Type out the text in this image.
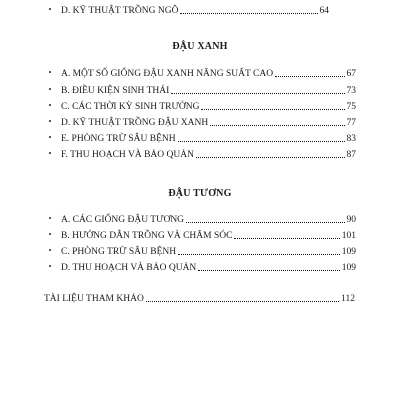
• D. KỸ THUẬT TRỒNG NGÔ	64
ĐẬU XANH
• A. MỘT SỐ GIỐNG ĐẬU XANH NĂNG SUẤT CAO	67
• B. ĐIỀU KIỆN SINH THÁI	73
• C. CÁC THỜI KỲ SINH TRƯỞNG	75
• D. KỸ THUẬT TRỒNG ĐẬU XANH	77
• E. PHÒNG TRỪ SÂU BỆNH	83
• F. THU HOẠCH VÀ BẢO QUẢN	87
ĐẬU TƯƠNG
• A. CÁC GIỐNG ĐẬU TƯƠNG	90
• B. HƯỚNG DẪN TRỒNG VÀ CHĂM SÓC	101
• C. PHÒNG TRỪ SÂU BỆNH	109
• D. THU HOẠCH VÀ BẢO QUẢN	109
TÀI LIỆU THAM KHẢO	112
